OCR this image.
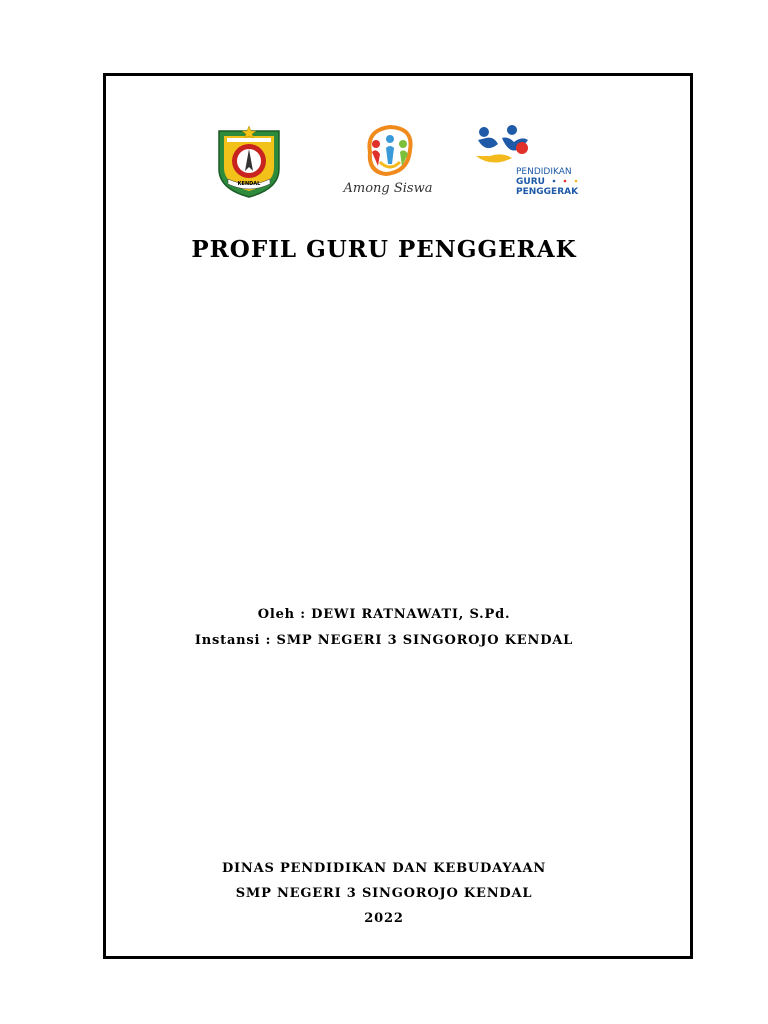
KENDAL	Among Siswa
PENDIDIKAN
GURU
PENGGERAK
PROFIL GURU PENGGERAK
Oleh : DEWI RATNAWATI, S.Pd.
Instansi : SMP NEGERI 3 SINGOROJO KENDAL
DINAS PENDIDIKAN DAN KEBUDAYAAN
SMP NEGERI 3 SINGOROJO KENDAL
2022
